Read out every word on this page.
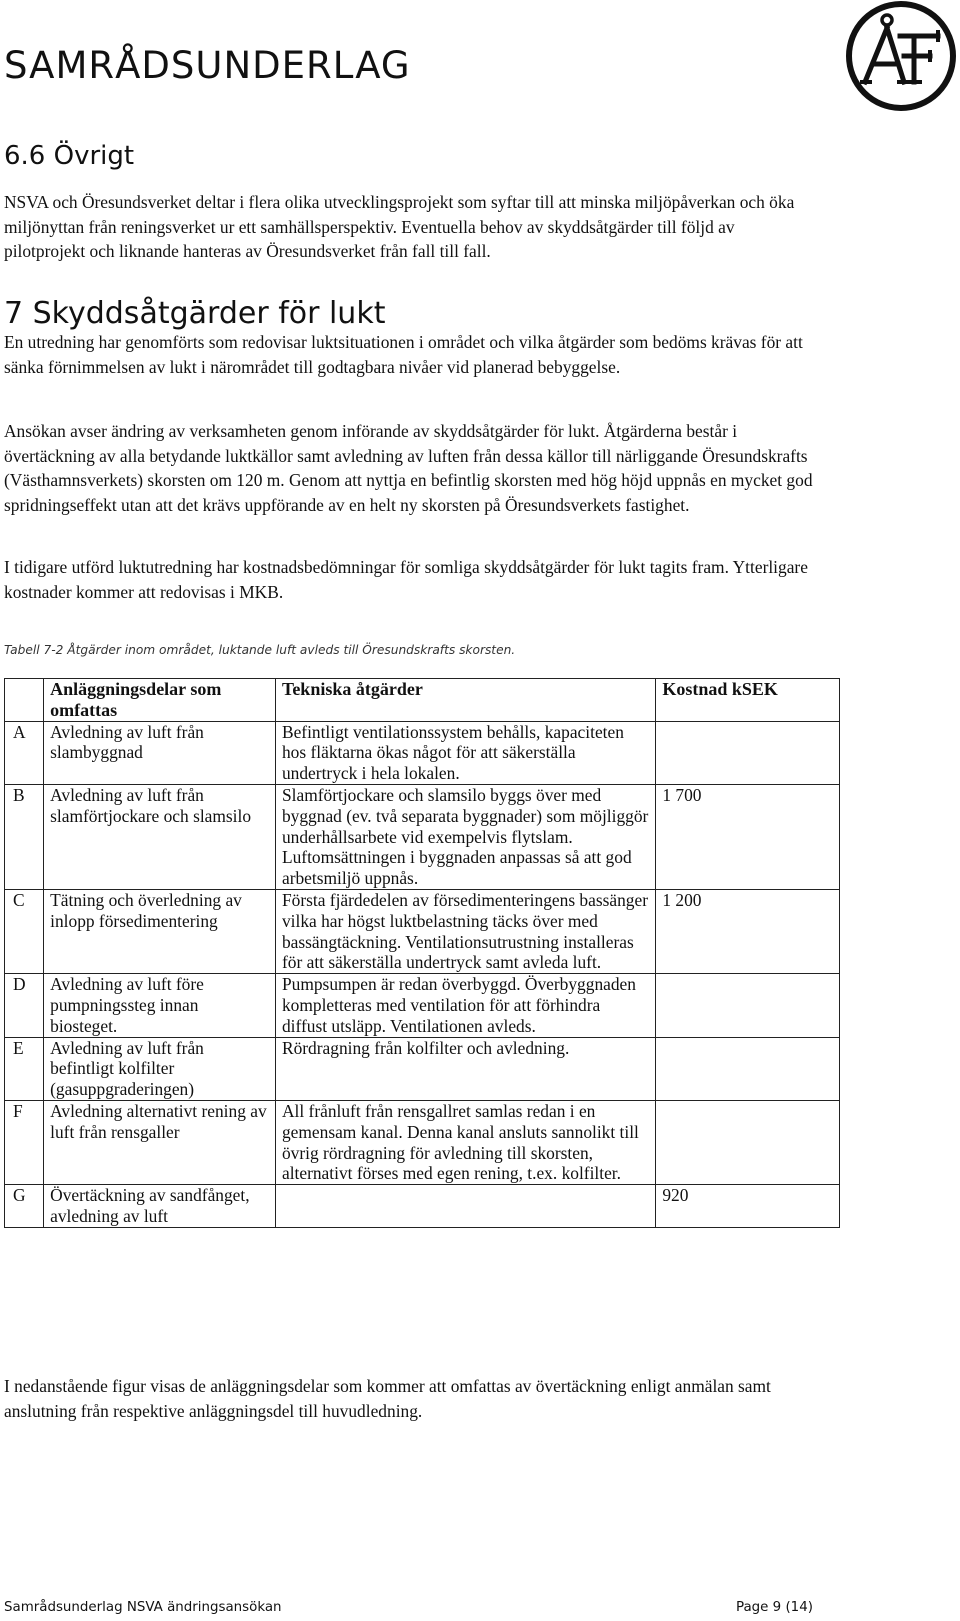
SAMRÅDSUNDERLAG
6.6 Övrigt

NSVA och Öresundsverket deltar i flera olika utvecklingsprojekt som syftar till att minska miljöpåverkan och öka miljönyttan från reningsverket ur ett samhällsperspektiv. Eventuella behov av skyddsåtgärder till följd av pilotprojekt och liknande hanteras av Öresundsverket från fall till fall.

7 Skyddsåtgärder för lukt

En utredning har genomförts som redovisar luktsituationen i området och vilka åtgärder som bedöms krävas för att sänka förnimmelsen av lukt i närområdet till godtagbara nivåer vid planerad bebyggelse.

Ansökan avser ändring av verksamheten genom införande av skyddsåtgärder för lukt. Åtgärderna består i övertäckning av alla betydande luktkällor samt avledning av luften från dessa källor till närliggande Öresundskrafts (Västhamnsverkets) skorsten om 120 m. Genom att nyttja en befintlig skorsten med hög höjd uppnås en mycket god spridningseffekt utan att det krävs uppförande av en helt ny skorsten på Öresundsverkets fastighet.

I tidigare utförd luktutredning har kostnadsbedömningar för somliga skyddsåtgärder för lukt tagits fram. Ytterligare kostnader kommer att redovisas i MKB.

Tabell 7-2 Åtgärder inom området, luktande luft avleds till Öresundskrafts skorsten.

	Anläggningsdelar som omfattas	Tekniska åtgärder	Kostnad kSEK
A	Avledning av luft från slambyggnad	Befintligt ventilationssystem behålls, kapaciteten hos fläktarna ökas något för att säkerställa undertryck i hela lokalen.	
B	Avledning av luft från slamförtjockare och slamsilo	Slamförtjockare och slamsilo byggs över med byggnad (ev. två separata byggnader) som möjliggör underhållsarbete vid exempelvis flytslam. Luftomsättningen i byggnaden anpassas så att god arbetsmiljö uppnås.	1 700
C	Tätning och överledning av inlopp försedimentering	Första fjärdedelen av försedimenteringens bassänger vilka har högst luktbelastning täcks över med bassängtäckning. Ventilationsutrustning installeras för att säkerställa undertryck samt avleda luft.	1 200
D	Avledning av luft före pumpningssteg innan biosteget.	Pumpsumpen är redan överbyggd. Överbyggnaden kompletteras med ventilation för att förhindra diffust utsläpp. Ventilationen avleds.	
E	Avledning av luft från befintligt kolfilter (gasuppgraderingen)	Rördragning från kolfilter och avledning.	
F	Avledning alternativt rening av luft från rensgaller	All frånluft från rensgallret samlas redan i en gemensam kanal. Denna kanal ansluts sannolikt till övrig rördragning för avledning till skorsten, alternativt förses med egen rening, t.ex. kolfilter.	
G	Övertäckning av sandfånget, avledning av luft		920

I nedanstående figur visas de anläggningsdelar som kommer att omfattas av övertäckning enligt anmälan samt anslutning från respektive anläggningsdel till huvudledning.

Samrådsunderlag NSVA ändringsansökan	Page 9 (14)
